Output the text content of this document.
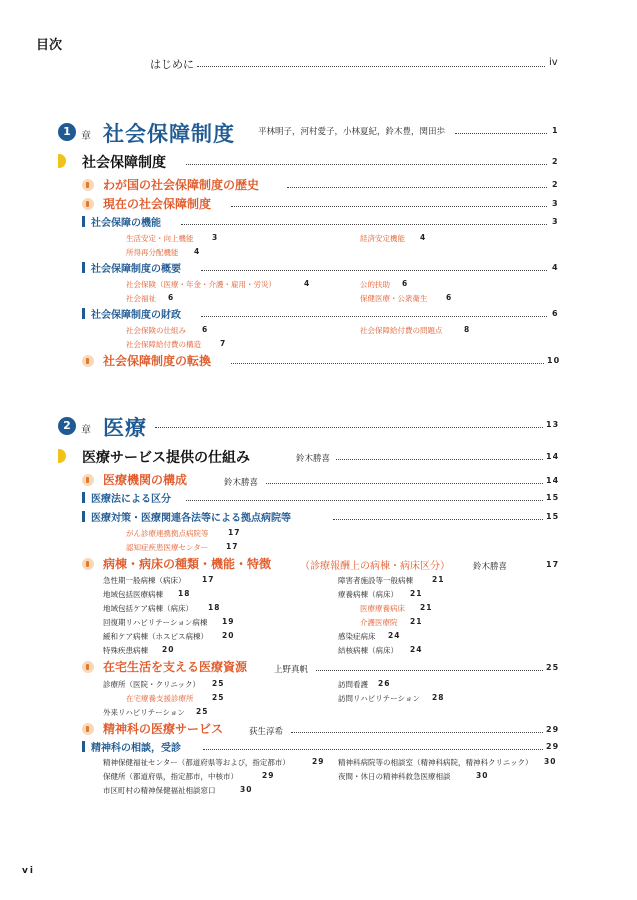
目次
はじめに	iv
1	章 社会保障制度	平林明子，河村愛子，小林夏紀，鈴木豊，関田歩	1
社会保障制度	2
わが国の社会保障制度の歴史	2
現在の社会保障制度	3
社会保障の機能	3
生活安定・向上機能 3	経済安定機能 4
所得再分配機能 4
社会保障制度の概要	4
社会保険（医療・年金・介護・雇用・労災）	4	公的扶助 6
社会福祉 6	保健医療・公衆衛生 6
社会保障制度の財政	6
社会保険の仕組み 6	社会保障給付費の問題点	8
社会保障給付費の構造	7
社会保障制度の転換	10
2	章 医療	13
医療サービス提供の仕組み	鈴木勝喜	14
医療機関の構成	鈴木勝喜	14
医療法による区分	15
医療対策・医療関連各法等による拠点病院等	15
がん診療連携拠点病院等	17
認知症疾患医療センター 17
病棟・病床の種類・機能・特徴	（診療報酬上の病棟・病床区分）	鈴木勝喜	17
急性期一般病棟（病床） 17	障害者施設等一般病棟	21
地域包括医療病棟 18	療養病棟（病床） 21
地域包括ケア病棟（病床） 18	医療療養病床 21
回復期リハビリテーション病棟 19	介護医療院 21
緩和ケア病棟（ホスピス病棟） 20	感染症病床 24
特殊疾患病棟 20	結核病棟（病床） 24
在宅生活を支える医療資源	上野真帆	25
診療所（医院・クリニック） 25	訪問看護 26
在宅療養支援診療所 25	訪問リハビリテーション 28
外来リハビリテーション 25
精神科の医療サービス	荻生淳希	29
精神科の相談，受診	29
精神保健福祉センター（都道府県等および，指定都市）	29 精神科病院等の相談室（精神科病院，精神科クリニック） 30
保健所（都道府県，指定都市，中核市）	29	夜間・休日の精神科救急医療相談	30
市区町村の精神保健福祉相談窓口	30
vi
